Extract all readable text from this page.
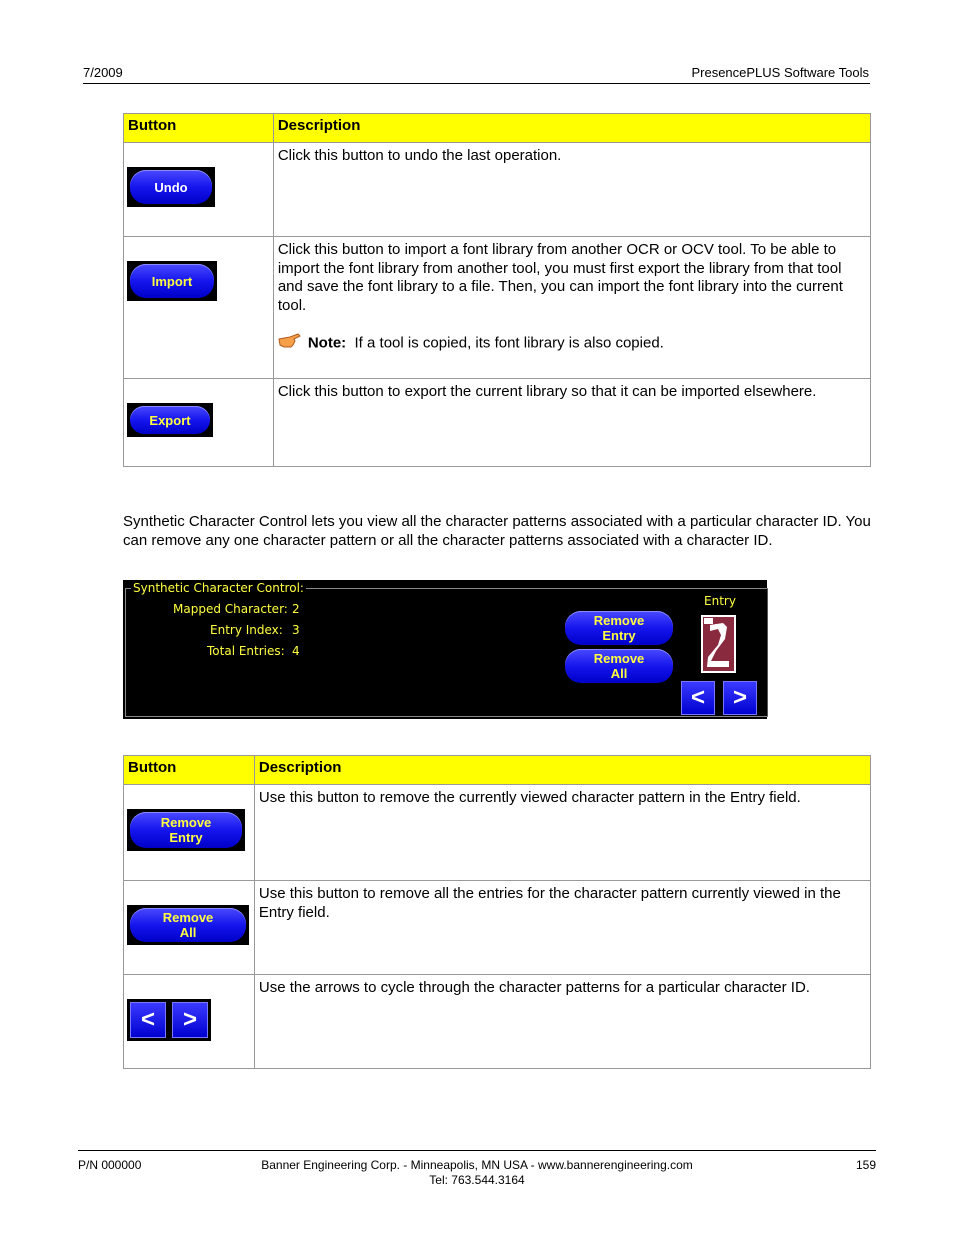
7/2009	PresencePLUS Software Tools
Button	Description

Undo	Click this button to undo the last operation.

Import	Click this button to import a font library from another OCR or OCV tool. To be able to import the font library from another tool, you must first export the library from that tool and save the font library to a file. Then, you can import the font library into the current tool.
Note: If a tool is copied, its font library is also copied.

Export	Click this button to export the current library so that it can be imported elsewhere.
Synthetic Character Control lets you view all the character patterns associated with a particular character ID. You can remove any one character pattern or all the character patterns associated with a character ID.
Synthetic Character Control:
Mapped Character: 2
Entry Index: 3
Total Entries: 4
Remove
Entry
Remove
All
Entry
<	>
Button	Description

Remove
Entry	Use this button to remove the currently viewed character pattern in the Entry field.

Remove
All	Use this button to remove all the entries for the character pattern currently viewed in the Entry field.

< >	Use the arrows to cycle through the character patterns for a particular character ID.
P/N 000000	Banner Engineering Corp. - Minneapolis, MN USA - www.bannerengineering.com
Tel: 763.544.3164
159
